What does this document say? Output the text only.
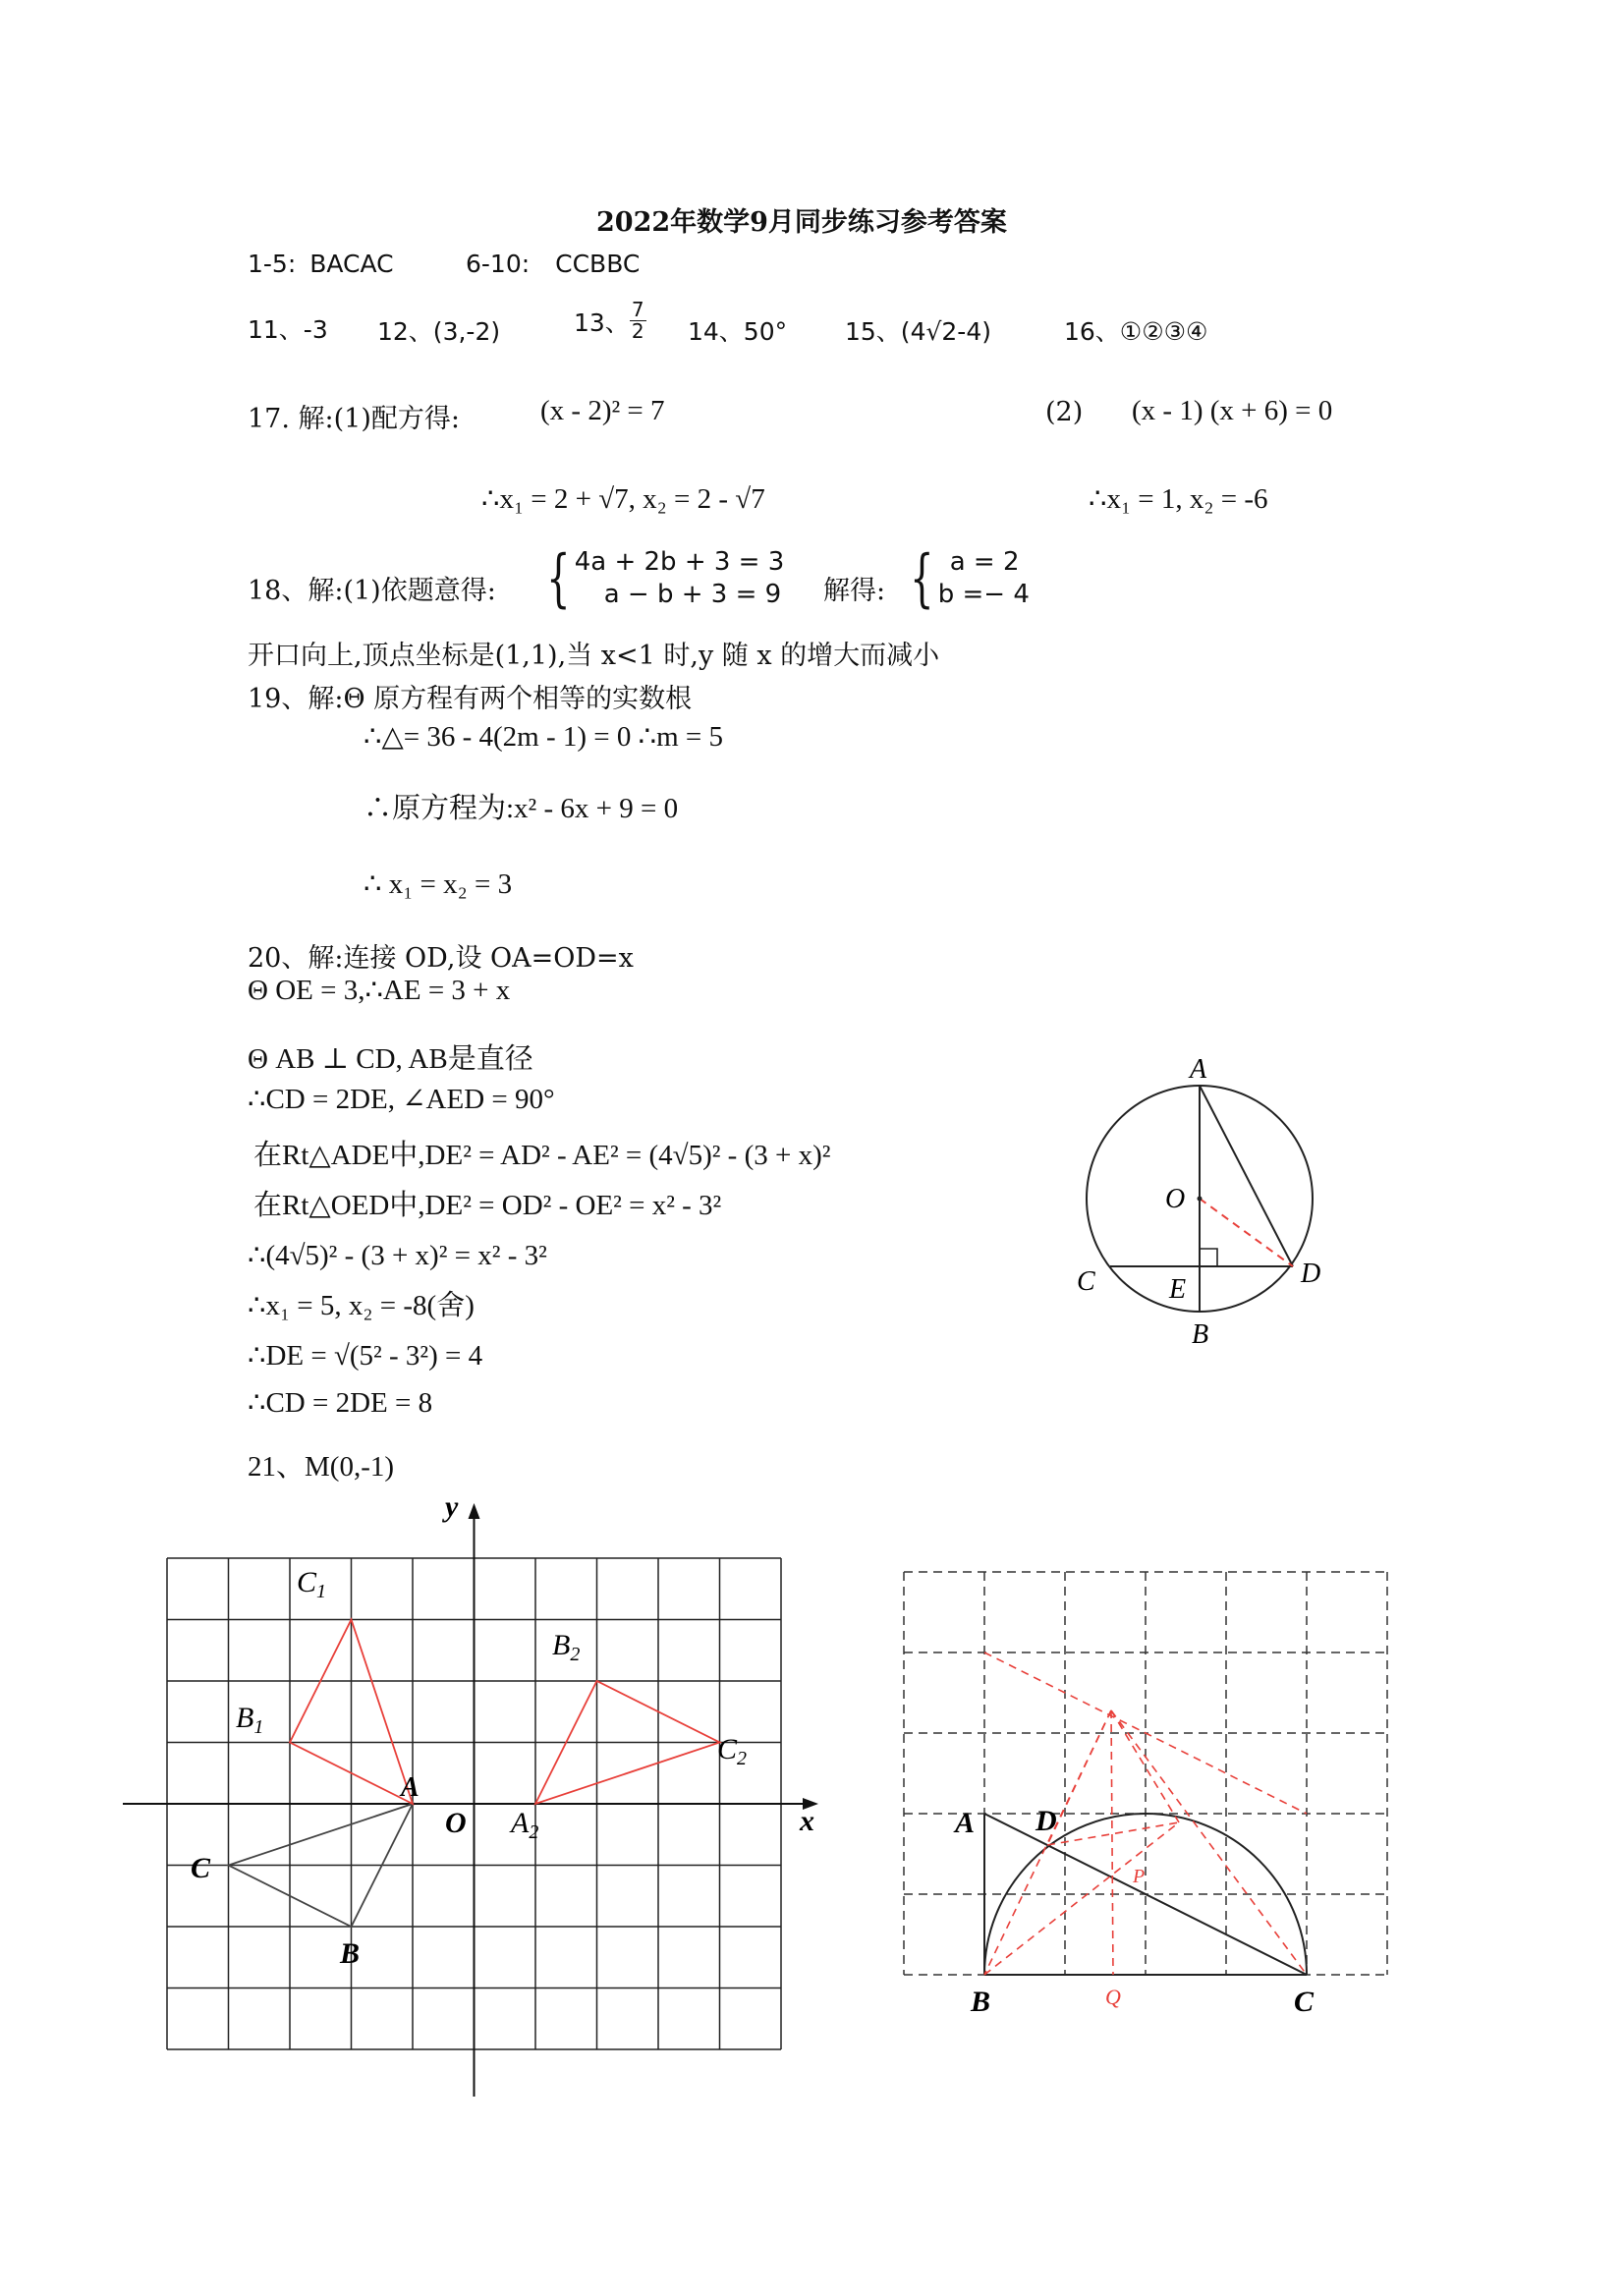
2022年数学9月同步练习参考答案
1-5: BACAC	6-10: CCBBC
11、-3 12、(3,-2)	13、 $\frac{7}{2} 14$、50° 15、(4√2-4)	16、①②③④
17. 解:(1)配方得:	(x - 2)² = 7	(2) (x - 1) (x + 6) = 0
∴x₁ = 2 + √7, x₂ = 2 - √7	∴x₁ = 1, x₂ = -6
18、解:(1)依题意得: { 4a + 2b + 3 = 3
a − b + 3 = 9 解得: { a = 2
b =− 4
开口向上,顶点坐标是(1,1),当 x<1 时,y 随 x 的增大而减小
19、解:Θ 原方程有两个相等的实数根
∴△= 36 - 4(2m - 1) = 0 ∴m = 5
∴原方程为:x² - 6x + 9 = 0
∴ x₁ = x₂ = 3
20、解:连接 OD,设 OA=OD=x
Θ OE = 3,∴AE = 3 + x
Θ AB ⊥ CD, AB是直径
∴CD = 2DE, ∠AED = 90°
在Rt△ADE中,DE² = AD² - AE² = (4√5)² - (3 + x)²
在Rt△OED中,DE² = OD² - OE² = x² - 3²
∴(4√5)² - (3 + x)² = x² - 3²
∴x₁ = 5, x₂ = -8(舍)
∴DE = √(5² - 3²) = 4
∴CD = 2DE = 8
A
O
C	E
D
B
21、M(0,-1)
y
x
O
A
C
B
$C_1$
$B_1$
$B_2$
$C_2$
$A_2$	A D
B	C
P
Q
